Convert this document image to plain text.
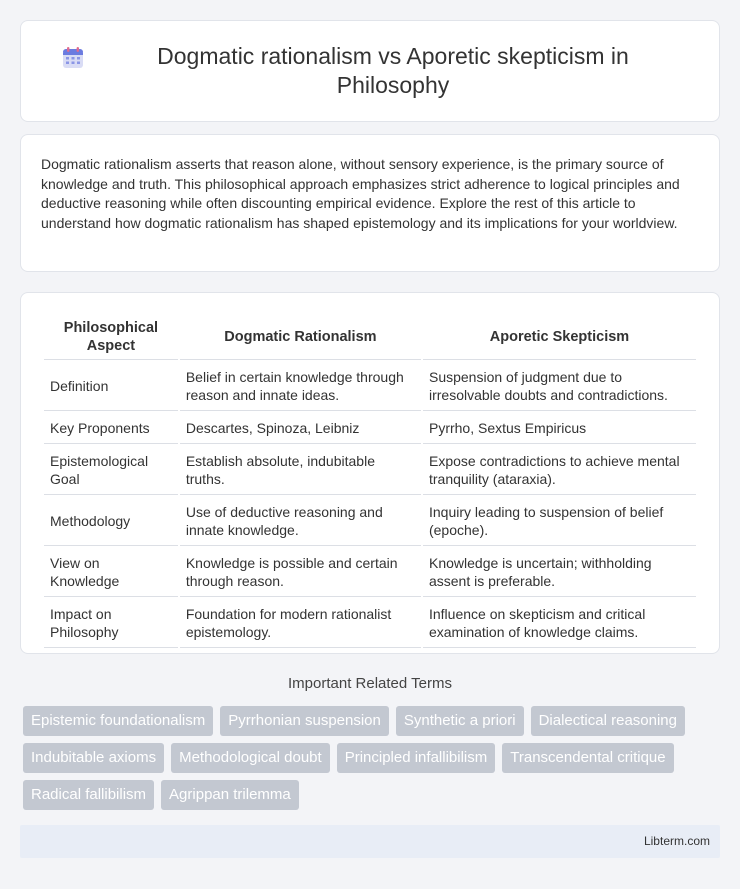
Dogmatic rationalism vs Aporetic skepticism in Philosophy

Dogmatic rationalism asserts that reason alone, without sensory experience, is the primary source of knowledge and truth. This philosophical approach emphasizes strict adherence to logical principles and deductive reasoning while often discounting empirical evidence. Explore the rest of this article to understand how dogmatic rationalism has shaped epistemology and its implications for your worldview.

Philosophical Aspect	Dogmatic Rationalism	Aporetic Skepticism
Definition	Belief in certain knowledge through reason and innate ideas.	Suspension of judgment due to irresolvable doubts and contradictions.
Key Proponents	Descartes, Spinoza, Leibniz	Pyrrho, Sextus Empiricus
Epistemological Goal	Establish absolute, indubitable truths.	Expose contradictions to achieve mental tranquility (ataraxia).
Methodology	Use of deductive reasoning and innate knowledge.	Inquiry leading to suspension of belief (epoche).
View on Knowledge	Knowledge is possible and certain through reason.	Knowledge is uncertain; withholding assent is preferable.
Impact on Philosophy	Foundation for modern rationalist epistemology.	Influence on skepticism and critical examination of knowledge claims.
Important Related Terms
Epistemic foundationalism	Pyrrhonian suspension	Synthetic a priori	Dialectical reasoning
Indubitable axioms	Methodological doubt	Principled infallibilism	Transcendental critique
Radical fallibilism	Agrippan trilemma
Libterm.com
